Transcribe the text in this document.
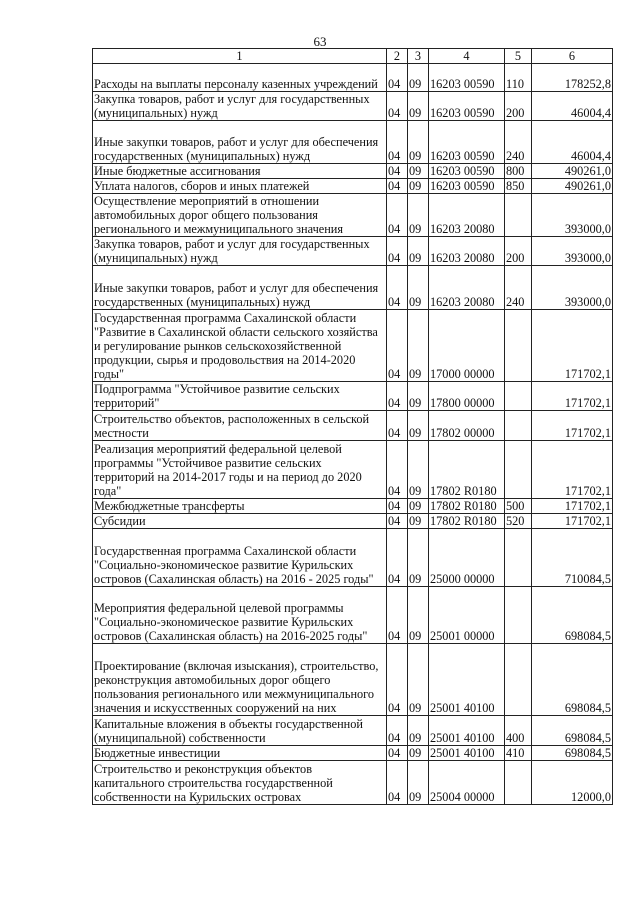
63
1	2	3	4	5	6
Расходы на выплаты персоналу казенных учреждений	04	09	16203 00590	110	178252,8
Закупка товаров, работ и услуг для государственных (муниципальных) нужд	04	09	16203 00590	200	46004,4
Иные закупки товаров, работ и услуг для обеспечения государственных (муниципальных) нужд	04	09	16203 00590	240	46004,4
Иные бюджетные ассигнования	04	09	16203 00590	800	490261,0
Уплата налогов, сборов и иных платежей	04	09	16203 00590	850	490261,0
Осуществление мероприятий в отношении автомобильных дорог общего пользования регионального и межмуниципального значения	04	09	16203 20080		393000,0
Закупка товаров, работ и услуг для государственных (муниципальных) нужд	04	09	16203 20080	200	393000,0
Иные закупки товаров, работ и услуг для обеспечения государственных (муниципальных) нужд	04	09	16203 20080	240	393000,0
Государственная программа Сахалинской области "Развитие в Сахалинской области сельского хозяйства и регулирование рынков сельскохозяйственной продукции, сырья и продовольствия на 2014-2020 годы"	04	09	17000 00000		171702,1
Подпрограмма "Устойчивое развитие сельских территорий"	04	09	17800 00000		171702,1
Строительство объектов, расположенных в сельской местности	04	09	17802 00000		171702,1
Реализация мероприятий федеральной целевой программы "Устойчивое развитие сельских территорий на 2014-2017 годы и на период до 2020 года"	04	09	17802 R0180		171702,1
Межбюджетные трансферты	04	09	17802 R0180	500	171702,1
Субсидии	04	09	17802 R0180	520	171702,1
Государственная программа Сахалинской области "Социально-экономическое развитие Курильских островов (Сахалинская область) на 2016 - 2025 годы"	04	09	25000 00000		710084,5
Мероприятия федеральной целевой программы "Социально-экономическое развитие Курильских островов (Сахалинская область) на 2016-2025 годы"	04	09	25001 00000		698084,5
Проектирование (включая изыскания), строительство, реконструкция автомобильных дорог общего пользования регионального или межмуниципального значения и искусственных сооружений на них	04	09	25001 40100		698084,5
Капитальные вложения в объекты государственной (муниципальной) собственности	04	09	25001 40100	400	698084,5
Бюджетные инвестиции	04	09	25001 40100	410	698084,5
Строительство и реконструкция объектов капитального строительства государственной собственности на Курильских островах	04	09	25004 00000		12000,0
